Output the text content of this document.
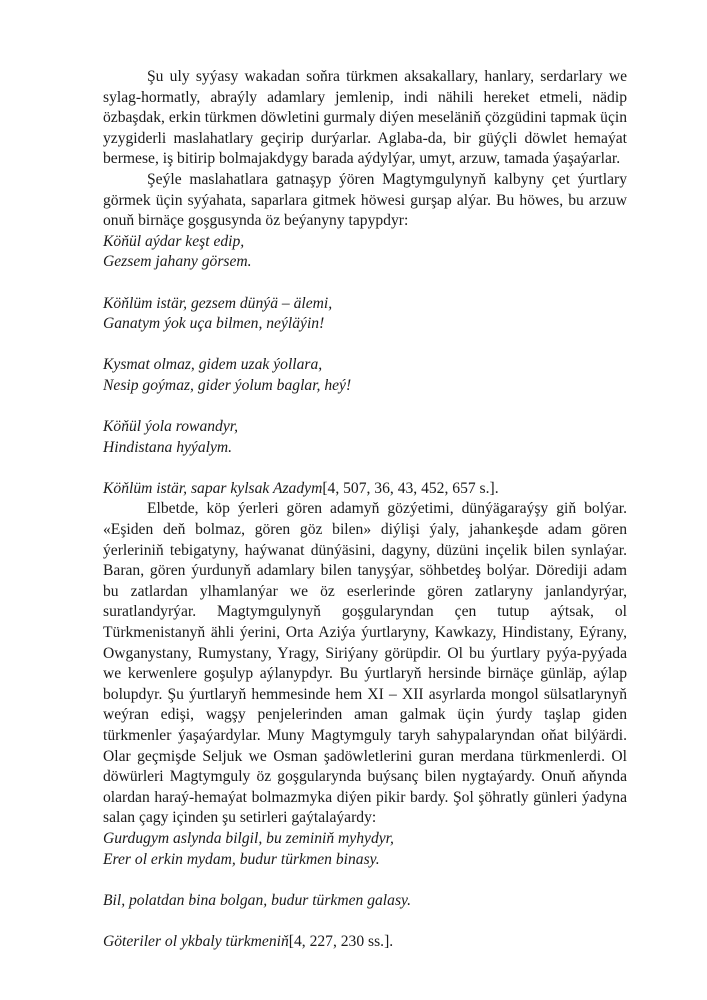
Şu uly syýasy wakadan soňra türkmen aksakallary, hanlary, serdarlary we sylag-hormatly, abraýly adamlary jemlenip, indi nähili hereket etmeli, nädip özbaşdak, erkin türkmen döwletini gurmaly diýen meseläniň çözgüdini tapmak üçin yzygiderli maslahatlary geçirip durýarlar. Aglaba-da, bir güýçli döwlet hemaýat bermese, iş bitirip bolmajakdygy barada aýdylýar, umyt, arzuw, tamada ýaşaýarlar.

Şeýle maslahatlara gatnaşyp ýören Magtymgulynyň kalbyny çet ýurtlary görmek üçin syýahata, saparlara gitmek höwesi gurşap alýar. Bu höwes, bu arzuw onuň birnäçe goşgusynda öz beýanyny tapypdyr:

Köňül aýdar keşt edip,
Gezsem jahany görsem.
Köňlüm istär, gezsem dünýä – älemi,
Ganatym ýok uça bilmen, neýläýin!
Kysmat olmaz, gidem uzak ýollara,
Nesip goýmaz, gider ýolum baglar, heý!
Köňül ýola rowandyr,
Hindistana hyýalym.
Köňlüm istär, sapar kylsak Azadym[4, 507, 36, 43, 452, 657 s.].

Elbetde, köp ýerleri gören adamyň gözýetimi, dünýägaraýşy giň bolýar. «Eşiden deň bolmaz, gören göz bilen» diýlişi ýaly, jahankeşde adam gören ýerleriniň tebigatyny, haýwanat dünýäsini, dagyny, düzüni inçelik bilen synlaýar. Baran, gören ýurdunyň adamlary bilen tanyşýar, söhbetdeş bolýar. Döredijі adam bu zatlardan ylhamlanýar we öz eserlerinde gören zatlaryny janlandyrýar, suratlandyrýar. Magtymgulynyň goşgularyndan çen tutup aýtsak, ol Türkmenistanyň ähli ýerini, Orta Aziýa ýurtlaryny, Kawkazy, Hindistany, Eýrany, Owganystany, Rumystany, Yragy, Siriýany görüpdir. Ol bu ýurtlary pyýa-pyýada we kerwenlere goşulyp aýlanypdyr. Bu ýurtlaryň hersinde birnäçe günläp, aýlap bolupdyr. Şu ýurtlaryň hemmesinde hem XI – XII asyrlarda mongol sülsatlarynyň weýran edişi, wagşy penjelerinden aman galmak üçin ýurdy taşlap giden türkmenler ýaşaýardylar. Muny Magtymguly taryh sahypalaryndan oňat bilýärdi. Olar geçmişde Seljuk we Osman şadöwletlerini guran merdana türkmenlerdi. Ol döwürleri Magtymguly öz goşgularynda buýsanç bilen nygtaýardy. Onuň aňynda olardan haraý-hemaýat bolmazmyka diýen pikir bardy. Şol şöhratly günleri ýadyna salan çagy içinden şu setirleri gaýtalaýardy:

Gurdugym aslynda bilgil, bu zeminiň myhydyr,
Erer ol erkin mydam, budur türkmen binasy.
Bil, polatdan bina bolgan, budur türkmen galasy.
Göteriler ol ykbaly türkmeniň[4, 227, 230 ss.].
